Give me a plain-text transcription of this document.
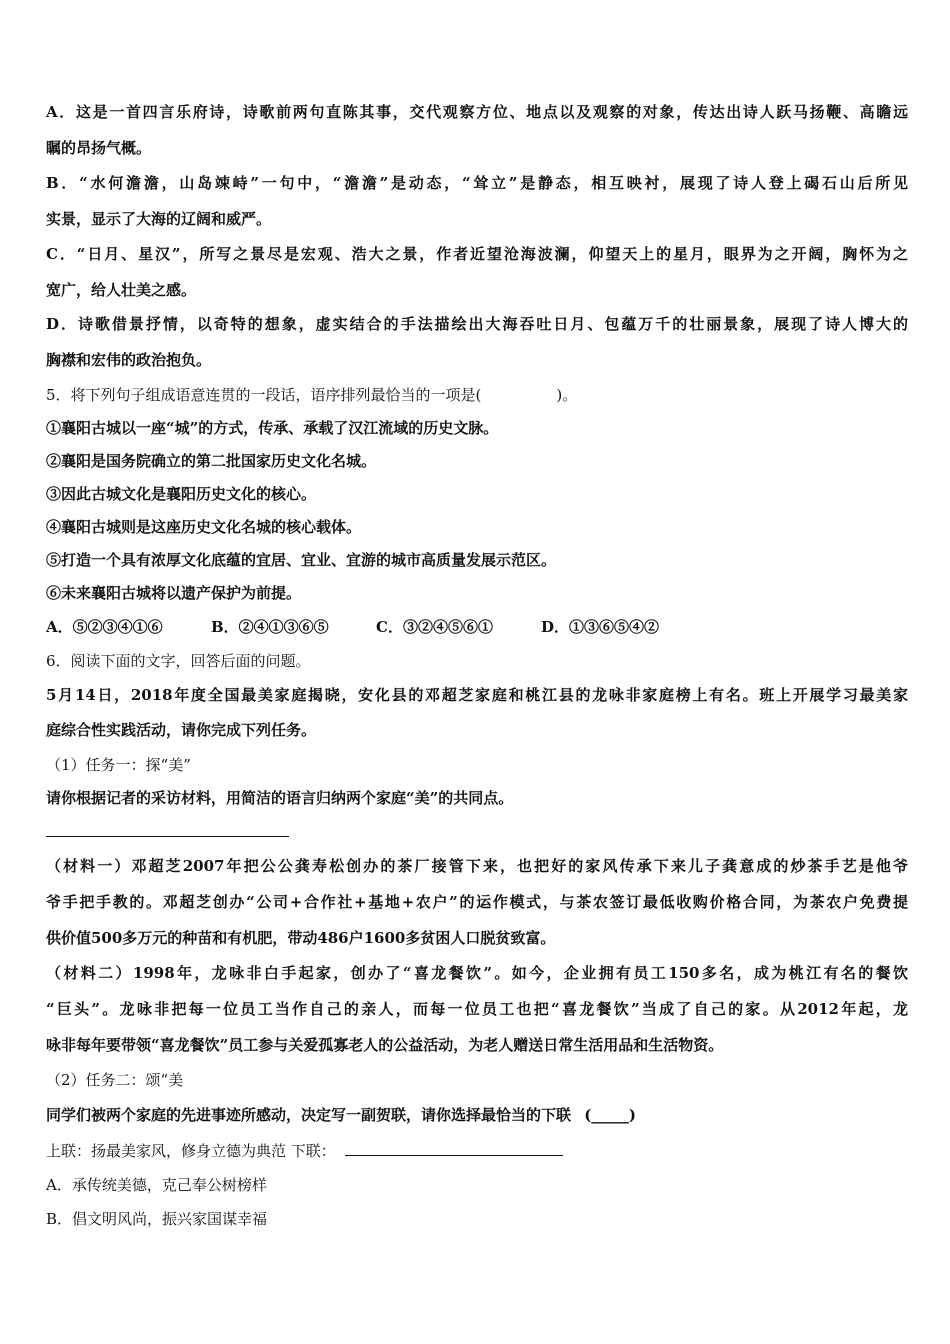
A．这是一首四言乐府诗，诗歌前两句直陈其事，交代观察方位、地点以及观察的对象，传达出诗人跃马扬鞭、高瞻远
瞩的昂扬气概。
B．“水何澹澹，山岛竦峙”一句中，“澹澹”是动态，“耸立”是静态，相互映衬，展现了诗人登上碣石山后所见
实景，显示了大海的辽阔和威严。
C．“日月、星汉”，所写之景尽是宏观、浩大之景，作者近望沧海波澜，仰望天上的星月，眼界为之开阔，胸怀为之
宽广，给人壮美之感。
D．诗歌借景抒情，以奇特的想象，虚实结合的手法描绘出大海吞吐日月、包蕴万千的壮丽景象，展现了诗人博大的
胸襟和宏伟的政治抱负。
5．将下列句子组成语意连贯的一段话，语序排列最恰当的一项是(　　　　　)。
①襄阳古城以一座“城”的方式，传承、承载了汉江流域的历史文脉。
②襄阳是国务院确立的第二批国家历史文化名城。
③因此古城文化是襄阳历史文化的核心。
④襄阳古城则是这座历史文化名城的核心载体。
⑤打造一个具有浓厚文化底蕴的宜居、宜业、宜游的城市高质量发展示范区。
⑥未来襄阳古城将以遗产保护为前提。
A．⑤②③④①⑥	B．②④①③⑥⑤	C．③②④⑤⑥①	D．①③⑥⑤④②
6．阅读下面的文字，回答后面的问题。
5月14日，2018年度全国最美家庭揭晓，安化县的邓超芝家庭和桃江县的龙咏非家庭榜上有名。班上开展学习最美家
庭综合性实践活动，请你完成下列任务。
（1）任务一：探“美”
请你根据记者的采访材料，用简洁的语言归纳两个家庭“美”的共同点。
（材料一）邓超芝2007年把公公龚寿松创办的茶厂接管下来，也把好的家风传承下来儿子龚意成的炒茶手艺是他爷
爷手把手教的。邓超芝创办“公司+合作社+基地+农户”的运作模式，与茶农签订最低收购价格合同，为茶农户免费提
供价值500多万元的种苗和有机肥，带动486户1600多贫困人口脱贫致富。
（材料二）1998年，龙咏非白手起家，创办了“喜龙餐饮”。如今，企业拥有员工150多名，成为桃江有名的餐饮
“巨头”。龙咏非把每一位员工当作自己的亲人，而每一位员工也把“喜龙餐饮”当成了自己的家。从2012年起，龙
咏非每年要带领“喜龙餐饮”员工参与关爱孤寡老人的公益活动，为老人赠送日常生活用品和生活物资。
（2）任务二：颂“美
同学们被两个家庭的先进事迹所感动，决定写一副贺联，请你选择最恰当的下联 (_____)
上联：扬最美家风，修身立德为典范 下联：
A．承传统美德，克己奉公树榜样
B．倡文明风尚，振兴家国谋幸福
